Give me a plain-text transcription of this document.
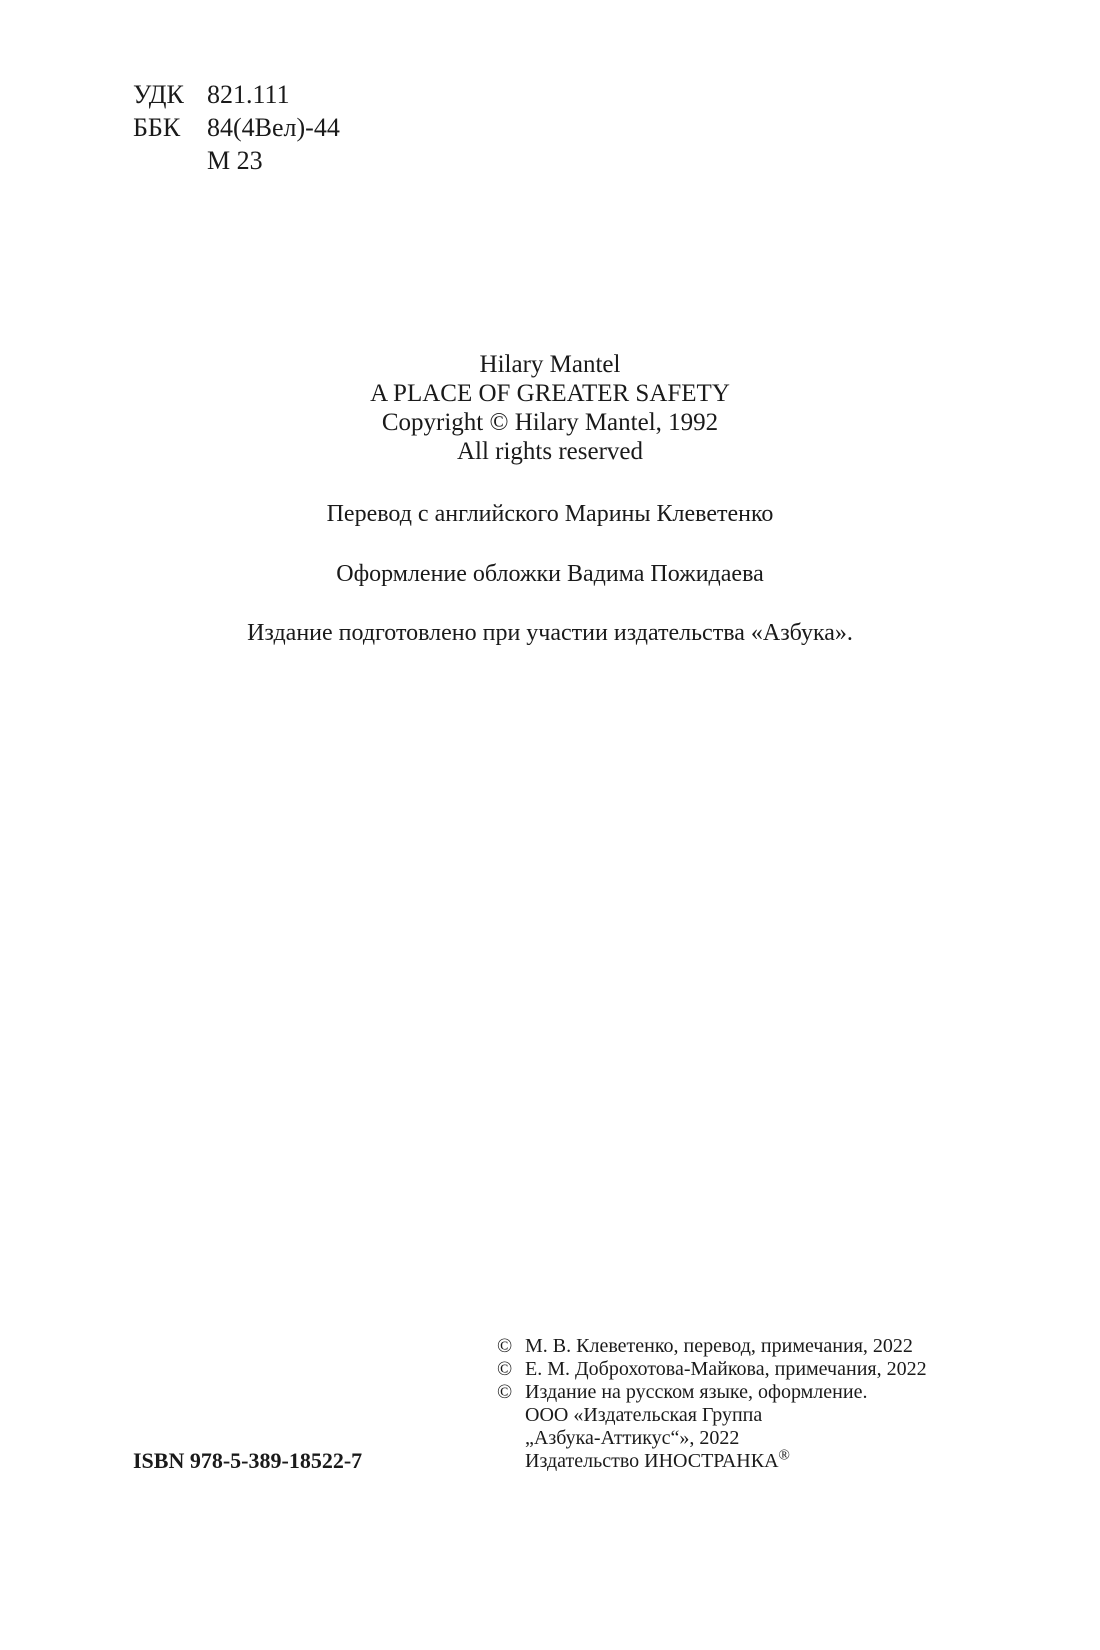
УДК 821.111
ББК	84(4Вел)-44
М 23
Hilary Mantel
A PLACE OF GREATER SAFETY
Copyright © Hilary Mantel, 1992
All rights reserved
Перевод с английского Марины Клеветенко
Оформление обложки Вадима Пожидаева
Издание подготовлено при участии издательства «Азбука».
ISBN 978-5-389-18522-7
© М. В. Клеветенко, перевод, примечания, 2022
© Е. М. Доброхотова-Майкова, примечания, 2022
© Издание на русском языке, оформление.
ООО «Издательская Группа
„Азбука-Аттикус“», 2022
Издательство ИНОСТРАНКА®
